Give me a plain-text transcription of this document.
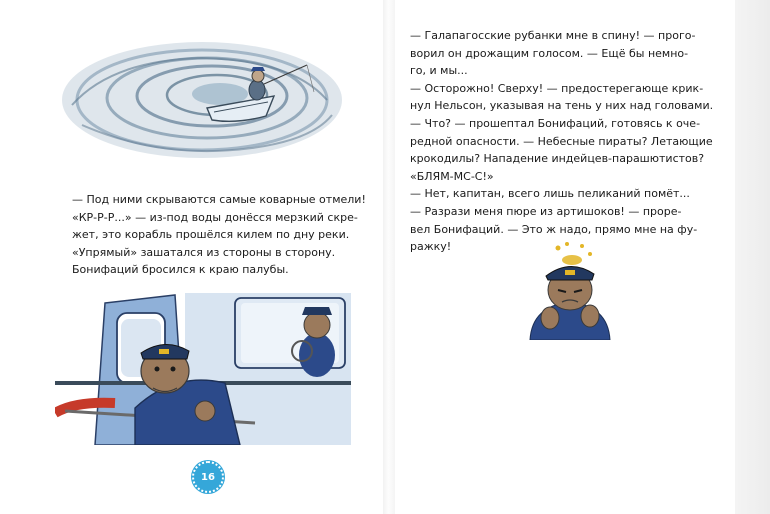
— Под ними скрываются самые коварные отмели!

«КР-Р-Р...» — из-под воды донёсся мерзкий скре-

жет, это корабль прошёлся килем по дну реки.

«Упрямый» зашатался из стороны в сторону.

Бонифаций бросился к краю палубы.

16

— Галапагосские рубанки мне в спину! — прого-

ворил он дрожащим голосом. — Ещё бы немно-

го, и мы...

— Осторожно! Сверху! — предостерегающе крик-

нул Нельсон, указывая на тень у них над головами.

— Что? — прошептал Бонифаций, готовясь к оче-

редной опасности. — Небесные пираты? Летающие

крокодилы? Нападение индейцев-парашютистов?

«БЛЯМ-МС-С!»

— Нет, капитан, всего лишь пеликаний помёт...

— Разрази меня пюре из артишоков! — проре-

вел Бонифаций. — Это ж надо, прямо мне на фу-

ражку!
